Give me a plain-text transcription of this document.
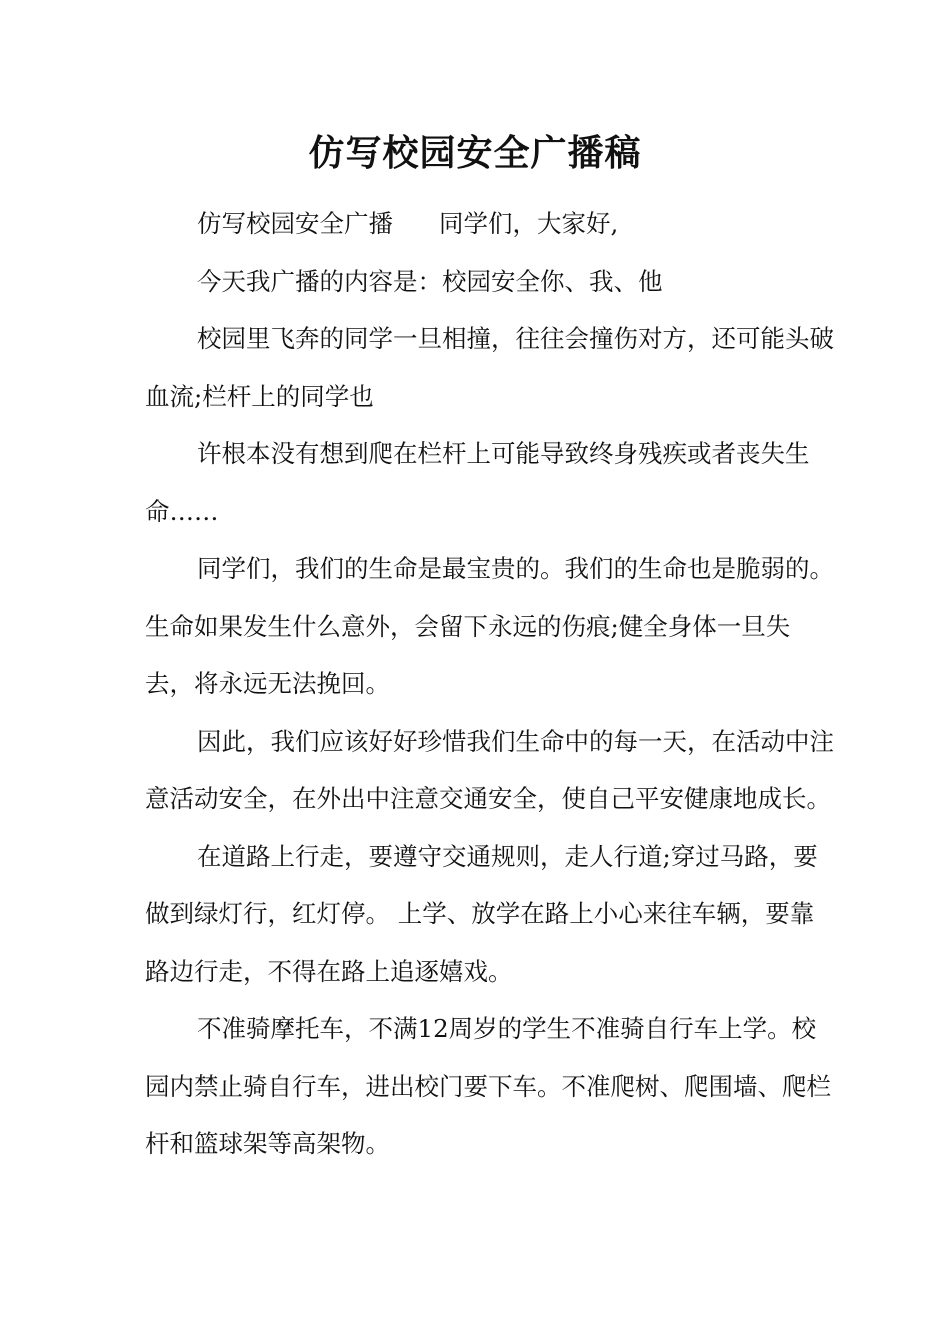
仿写校园安全广播稿

仿写校园安全广播 同学们，大家好,

今天我广播的内容是：校园安全你、我、他

校园里飞奔的同学一旦相撞，往往会撞伤对方，还可能头破血流;栏杆上的同学也

许根本没有想到爬在栏杆上可能导致终身残疾或者丧失生命……

同学们，我们的生命是最宝贵的。我们的生命也是脆弱的。生命如果发生什么意外，会留下永远的伤痕;健全身体一旦失去，将永远无法挽回。

因此，我们应该好好珍惜我们生命中的每一天，在活动中注意活动安全，在外出中注意交通安全，使自己平安健康地成长。

在道路上行走，要遵守交通规则，走人行道;穿过马路，要做到绿灯行，红灯停。 上学、放学在路上小心来往车辆，要靠路边行走，不得在路上追逐嬉戏。

不准骑摩托车，不满12周岁的学生不准骑自行车上学。校园内禁止骑自行车，进出校门要下车。不准爬树、爬围墙、爬栏杆和篮球架等高架物。
